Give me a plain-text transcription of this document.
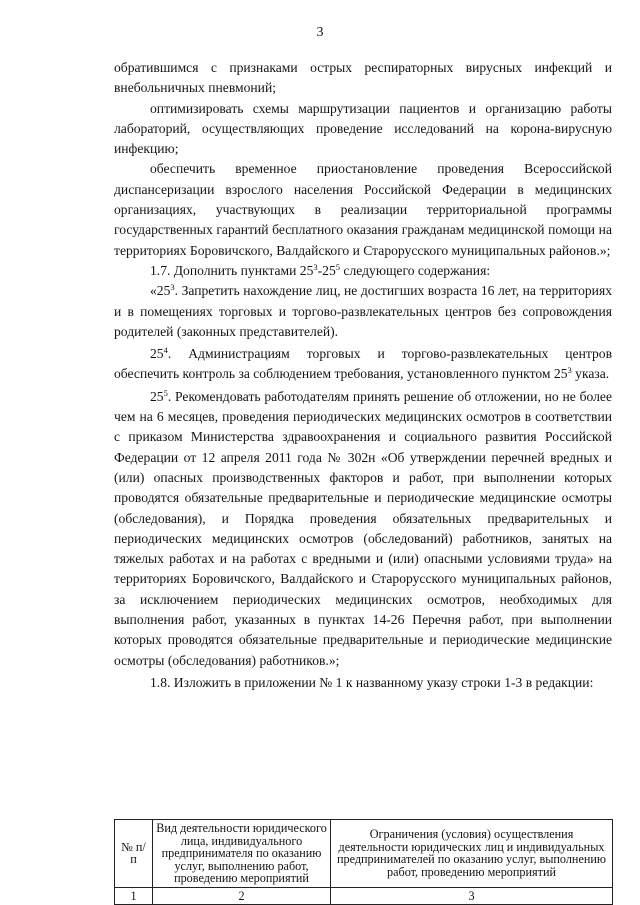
3

обратившимся с признаками острых респираторных вирусных инфекций и внебольничных пневмоний;

оптимизировать схемы маршрутизации пациентов и организацию работы лабораторий, осуществляющих проведение исследований на корона-вирусную инфекцию;

обеспечить временное приостановление проведения Всероссийской диспансеризации взрослого населения Российской Федерации в медицинских организациях, участвующих в реализации территориальной программы государственных гарантий бесплатного оказания гражданам медицинской помощи на территориях Боровичского, Валдайского и Старорусского муниципальных районов.»;

1.7. Дополнить пунктами $25^3-25^5$ следующего содержания:

«$25^3$. Запретить нахождение лиц, не достигших возраста 16 лет, на территориях и в помещениях торговых и торгово-развлекательных центров без сопровождения родителей (законных представителей).

$25^4$. Администрациям торговых и торгово-развлекательных центров обеспечить контроль за соблюдением требования, установленного пунктом $25^3$ указа.

$25^5$. Рекомендовать работодателям принять решение об отложении, но не более чем на 6 месяцев, проведения периодических медицинских осмотров в соответствии с приказом Министерства здравоохранения и социального развития Российской Федерации от 12 апреля 2011 года № 302н «Об утверждении перечней вредных и (или) опасных производственных факторов и работ, при выполнении которых проводятся обязательные предварительные и периодические медицинские осмотры (обследования), и Порядка проведения обязательных предварительных и периодических медицинских осмотров (обследований) работников, занятых на тяжелых работах и на работах с вредными и (или) опасными условиями труда» на территориях Боровичского, Валдайского и Старорусского муниципальных районов, за исключением периодических медицинских осмотров, необходимых для выполнения работ, указанных в пунктах 14-26 Перечня работ, при выполнении которых проводятся обязательные предварительные и периодические медицинские осмотры (обследования) работников.»;

1.8. Изложить в приложении № 1 к названному указу строки 1-3 в редакции:

№ п/п	Вид деятельности юридического лица, индивидуального предпринимателя по оказанию услуг, выполнению работ, проведению мероприятий	Ограничения (условия) осуществления деятельности юридических лиц и индивидуальных предпринимателей по оказанию услуг, выполнению работ, проведению мероприятий
1	2	3
